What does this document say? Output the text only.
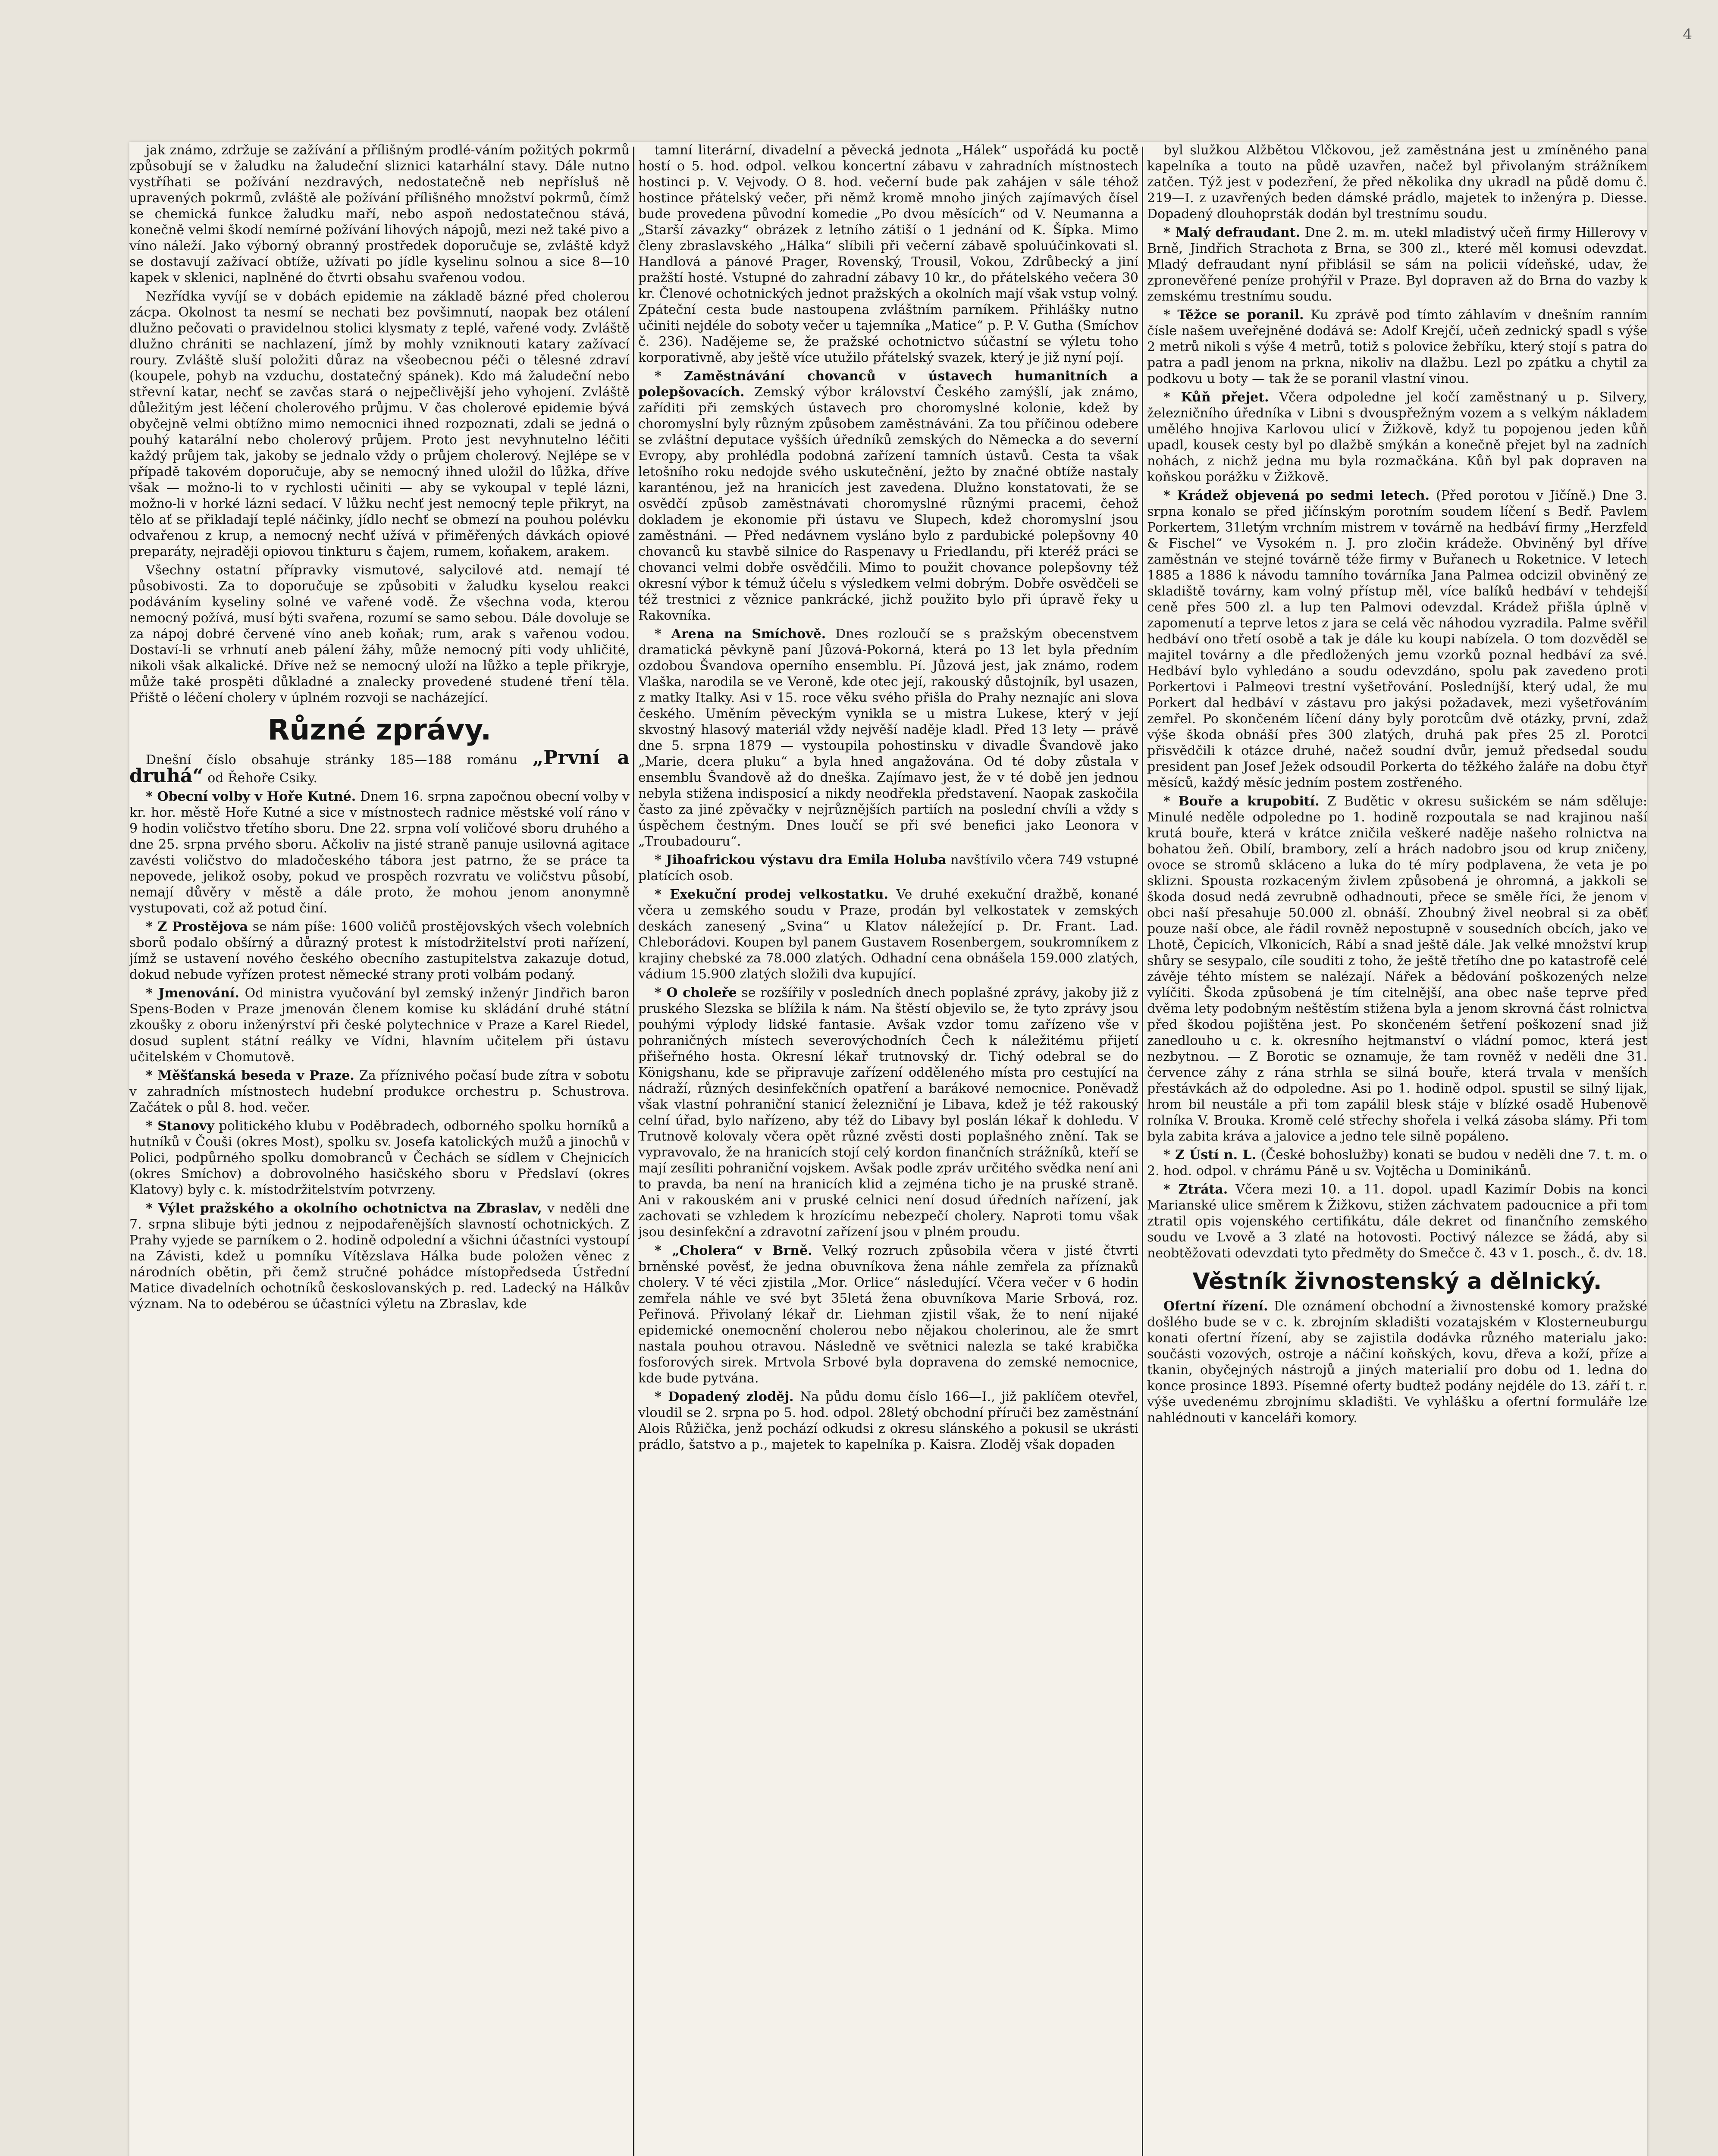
jak známo, zdržuje se zažívání a přílišným prodlé-váním požitých pokrmů způsobují se v žaludku na žaludeční sliznici katarhální stavy. Dále nutno vystříhati se požívání nezdravých, nedostatečně neb nepřísluš ně upravených pokrmů, zvláště ale požívání přílišného množství pokrmů, čímž se chemická funkce žaludku maří, nebo aspoň nedostatečnou stává, konečně velmi škodí nemírné požívání lihových nápojů, mezi než také pivo a víno náleží. Jako výborný obranný prostředek doporučuje se, zvláště když se dostavují zažívací obtíže, užívati po jídle kyselinu solnou a sice 8—10 kapek v sklenici, naplněné do čtvrti obsahu svařenou vodou.

Nezřídka vyvíjí se v dobách epidemie na základě bázné před cholerou zácpa. Okolnost ta nesmí se nechati bez povšimnutí, naopak bez otálení dlužno pečovati o pravidelnou stolici klysmaty z teplé, vařené vody. Zvláště dlužno chrániti se nachlazení, jímž by mohly vzniknouti katary zažívací roury. Zvláště sluší položiti důraz na všeobecnou péči o tělesné zdraví (koupele, pohyb na vzduchu, dostatečný spánek). Kdo má žaludeční nebo střevní katar, nechť se zavčas stará o nejpečlivější jeho vyhojení. Zvláště důležitým jest léčení cholerového průjmu. V čas cholerové epidemie bývá obyčejně velmi obtížno mimo nemocnici ihned rozpoznati, zdali se jedná o pouhý katarální nebo cholerový průjem. Proto jest nevyhnutelno léčiti každý průjem tak, jakoby se jednalo vždy o průjem cholerový. Nejlépe se v případě takovém doporučuje, aby se nemocný ihned uložil do lůžka, dříve však — možno-li to v rychlosti učiniti — aby se vykoupal v teplé lázni, možno-li v horké lázni sedací. V lůžku nechť jest nemocný teple přikryt, na tělo ať se přikladají teplé náčinky, jídlo nechť se obmezí na pouhou polévku odvařenou z krup, a nemocný nechť užívá v přiměřených dávkách opiové preparáty, nejraději opiovou tinkturu s čajem, rumem, koňakem, arakem.

Všechny ostatní přípravky vismutové, salycilové atd. nemají té působivosti. Za to doporučuje se způsobiti v žaludku kyselou reakci podáváním kyseliny solné ve vařené vodě. Že všechna voda, kterou nemocný požívá, musí býti svařena, rozumí se samo sebou. Dále dovoluje se za nápoj dobré červené víno aneb koňak; rum, arak s vařenou vodou. Dostaví-li se vrhnutí aneb pálení žáhy, může nemocný píti vody uhličité, nikoli však alkalické. Dříve než se nemocný uloží na lůžko a teple přikryje, může také prospěti důkladné a znalecky provedené studené tření těla. Přiště o léčení cholery v úplném rozvoji se nacházející.

Různé zprávy.

Dnešní číslo obsahuje stránky 185—188 románu „První a druhá“ od Řehoře Csiky.

* Obecní volby v Hoře Kutné. Dnem 16. srpna započnou obecní volby v kr. hor. městě Hoře Kutné a sice v místnostech radnice městské volí ráno v 9 hodin voličstvo třetího sboru. Dne 22. srpna volí voličové sboru druhého a dne 25. srpna prvého sboru. Ačkoliv na jisté straně panuje usilovná agitace zavésti voličstvo do mladočeského tábora jest patrno, že se práce ta nepovede, jelikož osoby, pokud ve prospěch rozvratu ve voličstvu působí, nemají důvěry v městě a dále proto, že mohou jenom anonymně vystupovati, což až potud činí.

* Z Prostějova se nám píše: 1600 voličů prostějovských všech volebních sborů podalo obšírný a důrazný protest k místodržitelství proti nařízení, jímž se ustavení nového českého obecního zastupitelstva zakazuje dotud, dokud nebude vyřízen protest německé strany proti volbám podaný.

* Jmenování. Od ministra vyučování byl zemský inženýr Jindřich baron Spens-Boden v Praze jmenován členem komise ku skládání druhé státní zkoušky z oboru inženýrství při české polytechnice v Praze a Karel Riedel, dosud suplent státní reálky ve Vídni, hlavním učitelem při ústavu učitelském v Chomutově.

* Měšťanská beseda v Praze. Za příznivého počasí bude zítra v sobotu v zahradních místnostech hudební produkce orchestru p. Schustrova. Začátek o půl 8. hod. večer.

* Stanovy politického klubu v Poděbradech, odborného spolku horníků a hutníků v Čouši (okres Most), spolku sv. Josefa katolických mužů a jinochů v Polici, podpůrného spolku domobranců v Čechách se sídlem v Chejnicích (okres Smíchov) a dobrovolného hasičského sboru v Předslaví (okres Klatovy) byly c. k. místodržitelstvím potvrzeny.

* Výlet pražského a okolního ochotnictva na Zbraslav, v neděli dne 7. srpna slibuje býti jednou z nejpodařenějších slavností ochotnických. Z Prahy vyjede se parníkem o 2. hodině odpolední a všichni účastníci vystoupí na Závisti, kdež u pomníku Vítězslava Hálka bude položen věnec z národních obětin, při čemž stručné pohádce místopředseda Ústřední Matice divadelních ochotníků českoslovanských p. red. Ladecký na Hálkův význam. Na to odebérou se účastníci výletu na Zbraslav, kde

tamní literární, divadelní a pěvecká jednota „Hálek“ uspořádá ku poctě hostí o 5. hod. odpol. velkou koncertní zábavu v zahradních místnostech hostinci p. V. Vejvody. O 8. hod. večerní bude pak zahájen v sále téhož hostince přátelský večer, při němž kromě mnoho jiných zajímavých čísel bude provedena původní komedie „Po dvou měsících“ od V. Neumanna a „Starší závazky“ obrázek z letního zátiší o 1 jednání od K. Šípka. Mimo členy zbraslavského „Hálka“ slíbili při večerní zábavě spoluúčinkovati sl. Handlová a pánové Prager, Rovenský, Trousil, Vokou, Zdrůbecký a jiní pražští hosté. Vstupné do zahradní zábavy 10 kr., do přátelského večera 30 kr. Členové ochotnických jednot pražských a okolních mají však vstup volný. Zpáteční cesta bude nastoupena zvláštním parníkem. Přihlášky nutno učiniti nejdéle do soboty večer u tajemníka „Matice“ p. P. V. Gutha (Smíchov č. 236). Nadějeme se, že pražské ochotnictvo súčastní se výletu toho korporativně, aby ještě více utužilo přátelský svazek, který je již nyní pojí.

* Zaměstnávání chovanců v ústavech humanitních a polepšovacích. Zemský výbor království Českého zamýšlí, jak známo, zaříditi při zemských ústavech pro choromyslné kolonie, kdež by choromyslní byly různým způsobem zaměstnáváni. Za tou příčinou odebere se zvláštní deputace vyšších úředníků zemských do Německa a do severní Evropy, aby prohlédla podobná zařízení tamních ústavů. Cesta ta však letošního roku nedojde svého uskutečnění, ježto by značné obtíže nastaly karanténou, jež na hranicích jest zavedena. Dlužno konstatovati, že se osvědčí způsob zaměstnávati choromyslné různými pracemi, čehož dokladem je ekonomie při ústavu ve Slupech, kdež choromyslní jsou zaměstnáni. — Před nedávnem vysláno bylo z pardubické polepšovny 40 chovanců ku stavbě silnice do Raspenavy u Friedlandu, při kteréž práci se chovanci velmi dobře osvědčili. Mimo to použit chovance polepšovny též okresní výbor k témuž účelu s výsledkem velmi dobrým. Dobře osvědčeli se též trestnici z věznice pankrácké, jichž použito bylo při úpravě řeky u Rakovníka.

* Arena na Smíchově. Dnes rozloučí se s pražským obecenstvem dramatická pěvkyně paní Jůzová-Pokorná, která po 13 let byla předním ozdobou Švandova operního ensemblu. Pí. Jůzová jest, jak známo, rodem Vlaška, narodila se ve Veroně, kde otec její, rakouský důstojník, byl usazen, z matky Italky. Asi v 15. roce věku svého přišla do Prahy neznajíc ani slova českého. Uměním pěveckým vynikla se u mistra Lukese, který v její skvostný hlasový materiál vždy nejvěší naděje kladl. Před 13 lety — právě dne 5. srpna 1879 — vystoupila pohostinsku v divadle Švandově jako „Marie, dcera pluku“ a byla hned angažována. Od té doby zůstala v ensemblu Švandově až do dneška. Zajímavo jest, že v té době jen jednou nebyla stižena indisposicí a nikdy neodřekla představení. Naopak zaskočila často za jiné zpěvačky v nejrůznějších partiích na poslední chvíli a vždy s úspěchem čestným. Dnes loučí se při své benefici jako Leonora v „Troubadouru“.

* Jihoafrickou výstavu dra Emila Holuba navštívilo včera 749 vstupné platících osob.

* Exekuční prodej velkostatku. Ve druhé exekuční dražbě, konané včera u zemského soudu v Praze, prodán byl velkostatek v zemských deskách zanesený „Svina“ u Klatov náležející p. Dr. Frant. Lad. Chleborádovi. Koupen byl panem Gustavem Rosenbergem, soukromníkem z krajiny chebské za 78.000 zlatých. Odhadní cena obnášela 159.000 zlatých, vádium 15.900 zlatých složili dva kupující.

* O choleře se rozšířily v posledních dnech poplašné zprávy, jakoby již z pruského Slezska se blížila k nám. Na štěstí objevilo se, že tyto zprávy jsou pouhými výplody lidské fantasie. Avšak vzdor tomu zařízeno vše v pohraničných místech severovýchodních Čech k náležitému přijetí přišeřného hosta. Okresní lékař trutnovský dr. Tichý odebral se do Königshanu, kde se připravuje zařízení odděleného místa pro cestující na nádraží, různých desinfekčních opatření a barákové nemocnice. Poněvadž však vlastní pohraniční stanicí železniční je Libava, kdež je též rakouský celní úřad, bylo nařízeno, aby též do Libavy byl poslán lékař k dohledu. V Trutnově kolovaly včera opět různé zvěsti dosti poplašného znění. Tak se vypravovalo, že na hranicích stojí celý kordon finančních strážníků, kteří se mají zesíliti pohraniční vojskem. Avšak podle zpráv určitého svědka není ani to pravda, ba není na hranicích klid a zejména ticho je na pruské straně. Ani v rakouském ani v pruské celnici není dosud úředních nařízení, jak zachovati se vzhledem k hrozícímu nebezpečí cholery. Naproti tomu však jsou desinfekční a zdravotní zařízení jsou v plném proudu.

* „Cholera“ v Brně. Velký rozruch způsobila včera v jisté čtvrti brněnské pověsť, že jedna obuvníkova žena náhle zemřela za příznaků cholery. V té věci zjistila „Mor. Orlice“ následující. Včera večer v 6 hodin zemřela náhle ve své byt 35letá žena obuvníkova Marie Srbová, roz. Peřinová. Přivolaný lékař dr. Liehman zjistil však, že to není nijaké epidemické onemocnění cholerou nebo nějakou cholerinou, ale že smrt nastala pouhou otravou. Následně ve světnici nalezla se také krabička fosforových sirek. Mrtvola Srbové byla dopravena do zemské nemocnice, kde bude pytvána.

* Dopadený zloděj. Na půdu domu číslo 166—I., již paklíčem otevřel, vloudil se 2. srpna po 5. hod. odpol. 28letý obchodní příruči bez zaměstnání Alois Růžička, jenž pochází odkudsi z okresu slánského a pokusil se ukrásti prádlo, šatstvo a p., majetek to kapelníka p. Kaisra. Zloděj však dopaden

byl služkou Alžbětou Vlčkovou, jež zaměstnána jest u zmíněného pana kapelníka a touto na půdě uzavřen, načež byl přivolaným strážníkem zatčen. Týž jest v podezření, že před několika dny ukradl na půdě domu č. 219—I. z uzavřených beden dámské prádlo, majetek to inženýra p. Diesse. Dopadený dlouhoprsták dodán byl trestnímu soudu.

* Malý defraudant. Dne 2. m. m. utekl mladistvý učeň firmy Hillerovy v Brně, Jindřich Strachota z Brna, se 300 zl., které měl komusi odevzdat. Mladý defraudant nyní přiblásil se sám na policii vídeňské, udav, že zpronevěřené peníze prohýřil v Praze. Byl dopraven až do Brna do vazby k zemskému trestnímu soudu.

* Těžce se poranil. Ku zprávě pod tímto záhlavím v dnešním ranním čísle našem uveřejněné dodává se: Adolf Krejčí, učeň zednický spadl s výše 2 metrů nikoli s výše 4 metrů, totiž s polovice žebříku, který stojí s patra do patra a padl jenom na prkna, nikoliv na dlažbu. Lezl po zpátku a chytil za podkovu u boty — tak že se poranil vlastní vinou.

* Kůň přejet. Včera odpoledne jel kočí zaměstnaný u p. Silvery, železničního úředníka v Libni s dvouspřežným vozem a s velkým nákladem umělého hnojiva Karlovou ulicí v Žižkově, když tu popojenou jeden kůň upadl, kousek cesty byl po dlažbě smýkán a konečně přejet byl na zadních nohách, z nichž jedna mu byla rozmačkána. Kůň byl pak dopraven na koňskou porážku v Žižkově.

* Krádež objevená po sedmi letech. (Před porotou v Jičíně.) Dne 3. srpna konalo se před jičínským porotním soudem líčení s Bedř. Pavlem Porkertem, 31letým vrchním mistrem v továrně na hedbáví firmy „Herzfeld & Fischel“ ve Vysokém n. J. pro zločin krádeže. Obviněný byl dříve zaměstnán ve stejné továrně téže firmy v Buřanech u Roketnice. V letech 1885 a 1886 k návodu tamního továrníka Jana Palmea odcizil obviněný ze skladiště továrny, kam volný přístup měl, více balíků hedbáví v tehdejší ceně přes 500 zl. a lup ten Palmovi odevzdal. Krádež přišla úplně v zapomenutí a teprve letos z jara se celá věc náhodou vyzradila. Palme svěřil hedbáví ono třetí osobě a tak je dále ku koupi nabízela. O tom dozvěděl se majitel továrny a dle předložených jemu vzorků poznal hedbáví za své. Hedbáví bylo vyhledáno a soudu odevzdáno, spolu pak zavedeno proti Porkertovi i Palmeovi trestní vyšetřování. Posledníjší, který udal, že mu Porkert dal hedbáví v zástavu pro jakýsi požadavek, mezi vyšetřováním zemřel. Po skončeném líčení dány byly porotcům dvě otázky, první, zdaž výše škoda obnáší přes 300 zlatých, druhá pak přes 25 zl. Porotci přisvědčili k otázce druhé, načež soudní dvůr, jemuž předsedal soudu president pan Josef Ježek odsoudil Porkerta do těžkého žaláře na dobu čtyř měsíců, každý měsíc jedním postem zostřeného.

* Bouře a krupobití. Z Budětic v okresu sušickém se nám sděluje: Minulé neděle odpoledne po 1. hodině rozpoutala se nad krajinou naší krutá bouře, která v krátce zničila veškeré naděje našeho rolnictva na bohatou žeň. Obilí, brambory, zelí a hrách nadobro jsou od krup zničeny, ovoce se stromů skláceno a luka do té míry podplavena, že veta je po sklizni. Spousta rozkaceným živlem způsobená je ohromná, a jakkoli se škoda dosud nedá zevrubně odhadnouti, přece se směle říci, že jenom v obci naší přesahuje 50.000 zl. obnáší. Zhoubný živel neobral si za oběť pouze naší obce, ale řádil rovněž nepostupně v sousedních obcích, jako ve Lhotě, Čepicích, Vlkonicích, Rábí a snad ještě dále. Jak velké množství krup shůry se sesypalo, cíle souditi z toho, že ještě třetího dne po katastrofě celé závěje téhto místem se nalézají. Nářek a bědování poškozených nelze vylíčiti. Škoda způsobená je tím citelnější, ana obec naše teprve před dvěma lety podobným neštěstím stižena byla a jenom skrovná část rolnictva před škodou pojištěna jest. Po skončeném šetření poškození snad již zanedlouho u c. k. okresního hejtmanství o vládní pomoc, která jest nezbytnou. — Z Borotic se oznamuje, že tam rovněž v neděli dne 31. července záhy z rána strhla se silná bouře, která trvala v menších přestávkách až do odpoledne. Asi po 1. hodině odpol. spustil se silný lijak, hrom bil neustále a při tom zapálil blesk stáje v blízké osadě Hubenově rolníka V. Brouka. Kromě celé střechy shořela i velká zásoba slámy. Při tom byla zabita kráva a jalovice a jedno tele silně popáleno.

* Z Ústí n. L. (České bohoslužby) konati se budou v neděli dne 7. t. m. o 2. hod. odpol. v chrámu Páně u sv. Vojtěcha u Dominikánů.

* Ztráta. Včera mezi 10. a 11. dopol. upadl Kazimír Dobis na konci Marianské ulice směrem k Žižkovu, stižen záchvatem padoucnice a při tom ztratil opis vojenského certifikátu, dále dekret od finančního zemského soudu ve Lvově a 3 zlaté na hotovosti. Poctivý nálezce se žádá, aby si neobtěžovati odevzdati tyto předměty do Smečce č. 43 v 1. posch., č. dv. 18.

Věstník živnostenský a dělnický.

Ofertní řízení. Dle oznámení obchodní a živnostenské komory pražské došlého bude se v c. k. zbrojním skladišti vozatajském v Klosterneuburgu konati ofertní řízení, aby se zajistila dodávka různého materialu jako: součásti vozových, ostroje a náčiní koňských, kovu, dřeva a koží, příze a tkanin, obyčejných nástrojů a jiných materialií pro dobu od 1. ledna do konce prosince 1893. Písemné oferty budtež podány nejdéle do 13. září t. r. výše uvedenému zbrojnímu skladišti. Ve vyhlášku a ofertní formuláře lze nahlédnouti v kanceláři komory.

4
